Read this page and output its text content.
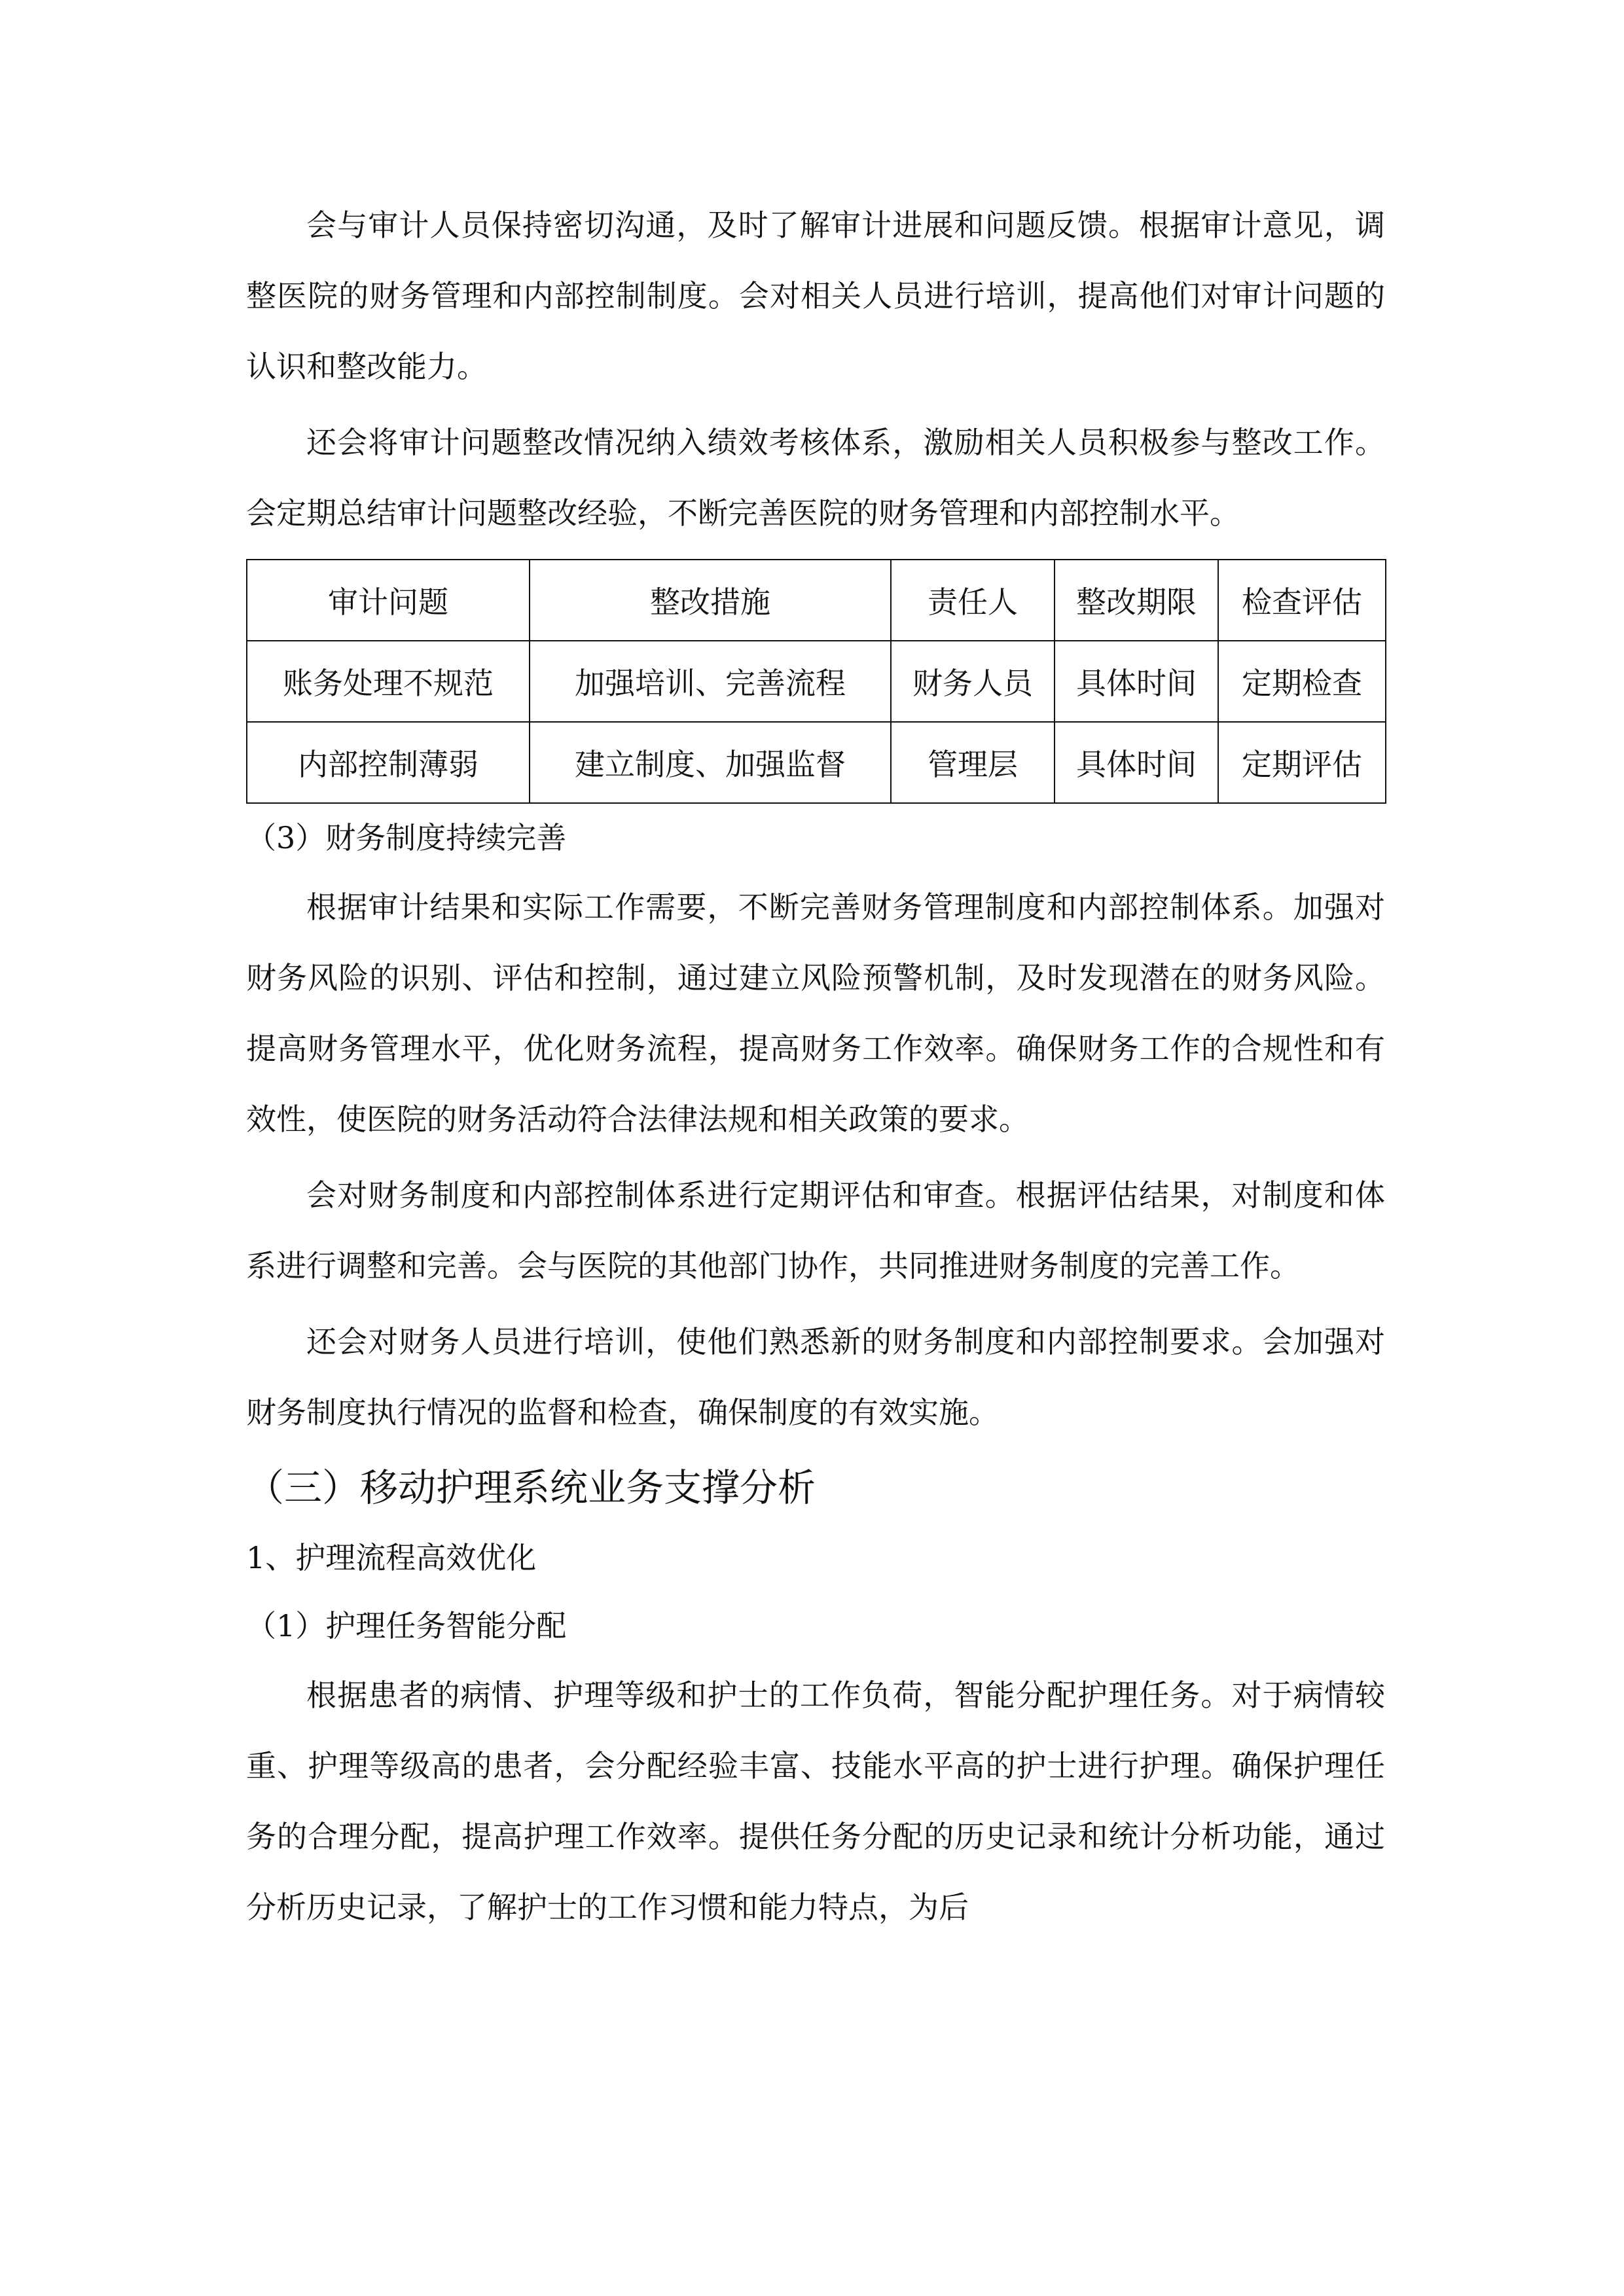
会与审计人员保持密切沟通，及时了解审计进展和问题反馈。根据审计意见，调整医院的财务管理和内部控制制度。会对相关人员进行培训，提高他们对审计问题的认识和整改能力。

还会将审计问题整改情况纳入绩效考核体系，激励相关人员积极参与整改工作。会定期总结审计问题整改经验，不断完善医院的财务管理和内部控制水平。

审计问题	整改措施	责任人	整改期限	检查评估
账务处理不规范	加强培训、完善流程	财务人员	具体时间	定期检查
内部控制薄弱	建立制度、加强监督	管理层	具体时间	定期评估

（3）财务制度持续完善

根据审计结果和实际工作需要，不断完善财务管理制度和内部控制体系。加强对财务风险的识别、评估和控制，通过建立风险预警机制，及时发现潜在的财务风险。提高财务管理水平，优化财务流程，提高财务工作效率。确保财务工作的合规性和有效性，使医院的财务活动符合法律法规和相关政策的要求。

会对财务制度和内部控制体系进行定期评估和审查。根据评估结果，对制度和体系进行调整和完善。会与医院的其他部门协作，共同推进财务制度的完善工作。

还会对财务人员进行培训，使他们熟悉新的财务制度和内部控制要求。会加强对财务制度执行情况的监督和检查，确保制度的有效实施。

（三）移动护理系统业务支撑分析

1、护理流程高效优化

（1）护理任务智能分配

根据患者的病情、护理等级和护士的工作负荷，智能分配护理任务。对于病情较重、护理等级高的患者，会分配经验丰富、技能水平高的护士进行护理。确保护理任务的合理分配，提高护理工作效率。提供任务分配的历史记录和统计分析功能，通过分析历史记录，了解护士的工作习惯和能力特点，为后
